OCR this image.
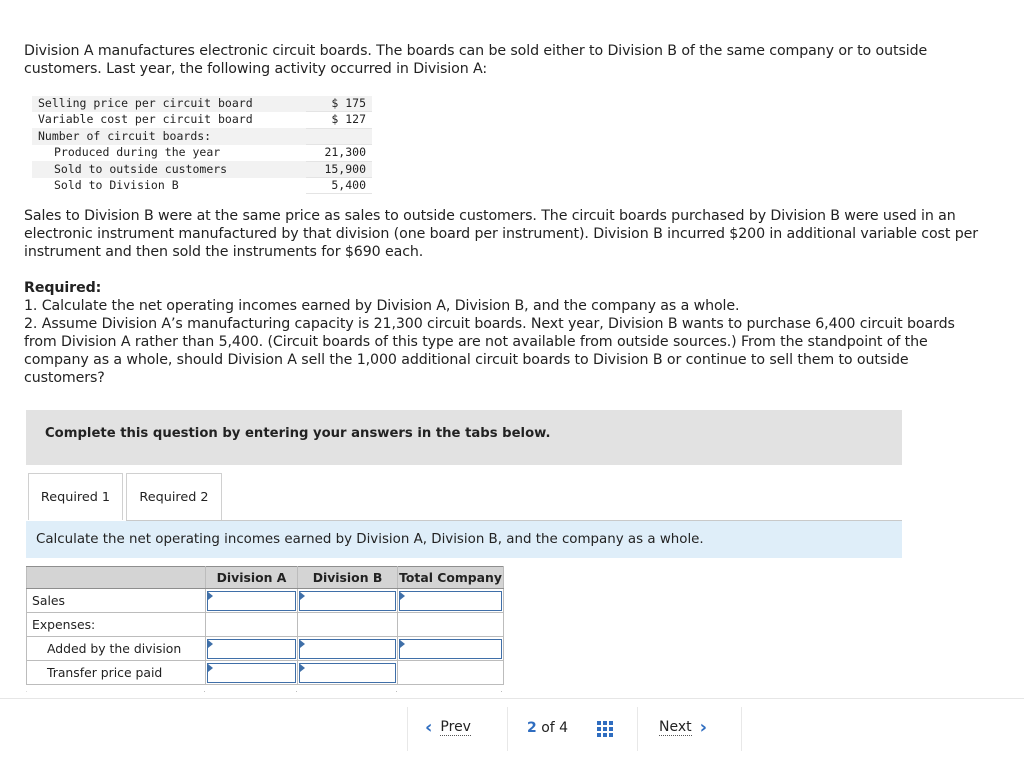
Division A manufactures electronic circuit boards. The boards can be sold either to Division B of the same company or to outside customers. Last year, the following activity occurred in Division A:
Selling price per circuit board	$ 175
Variable cost per circuit board	$ 127
Number of circuit boards:	
Produced during the year	21,300
Sold to outside customers	15,900
Sold to Division B	5,400
Sales to Division B were at the same price as sales to outside customers. The circuit boards purchased by Division B were used in an electronic instrument manufactured by that division (one board per instrument). Division B incurred $200 in additional variable cost per instrument and then sold the instruments for $690 each.
Required:
1. Calculate the net operating incomes earned by Division A, Division B, and the company as a whole.
2. Assume Division A’s manufacturing capacity is 21,300 circuit boards. Next year, Division B wants to purchase 6,400 circuit boards from Division A rather than 5,400. (Circuit boards of this type are not available from outside sources.) From the standpoint of the company as a whole, should Division A sell the 1,000 additional circuit boards to Division B or continue to sell them to outside customers?
Complete this question by entering your answers in the tabs below.
Required 1	Required 2
Calculate the net operating incomes earned by Division A, Division B, and the company as a whole.
	Division A	Division B	Total Company
Sales	

Expenses:			
Added by the division	

Transfer price paid	

‹ Prev	2 of 4	Next ›
